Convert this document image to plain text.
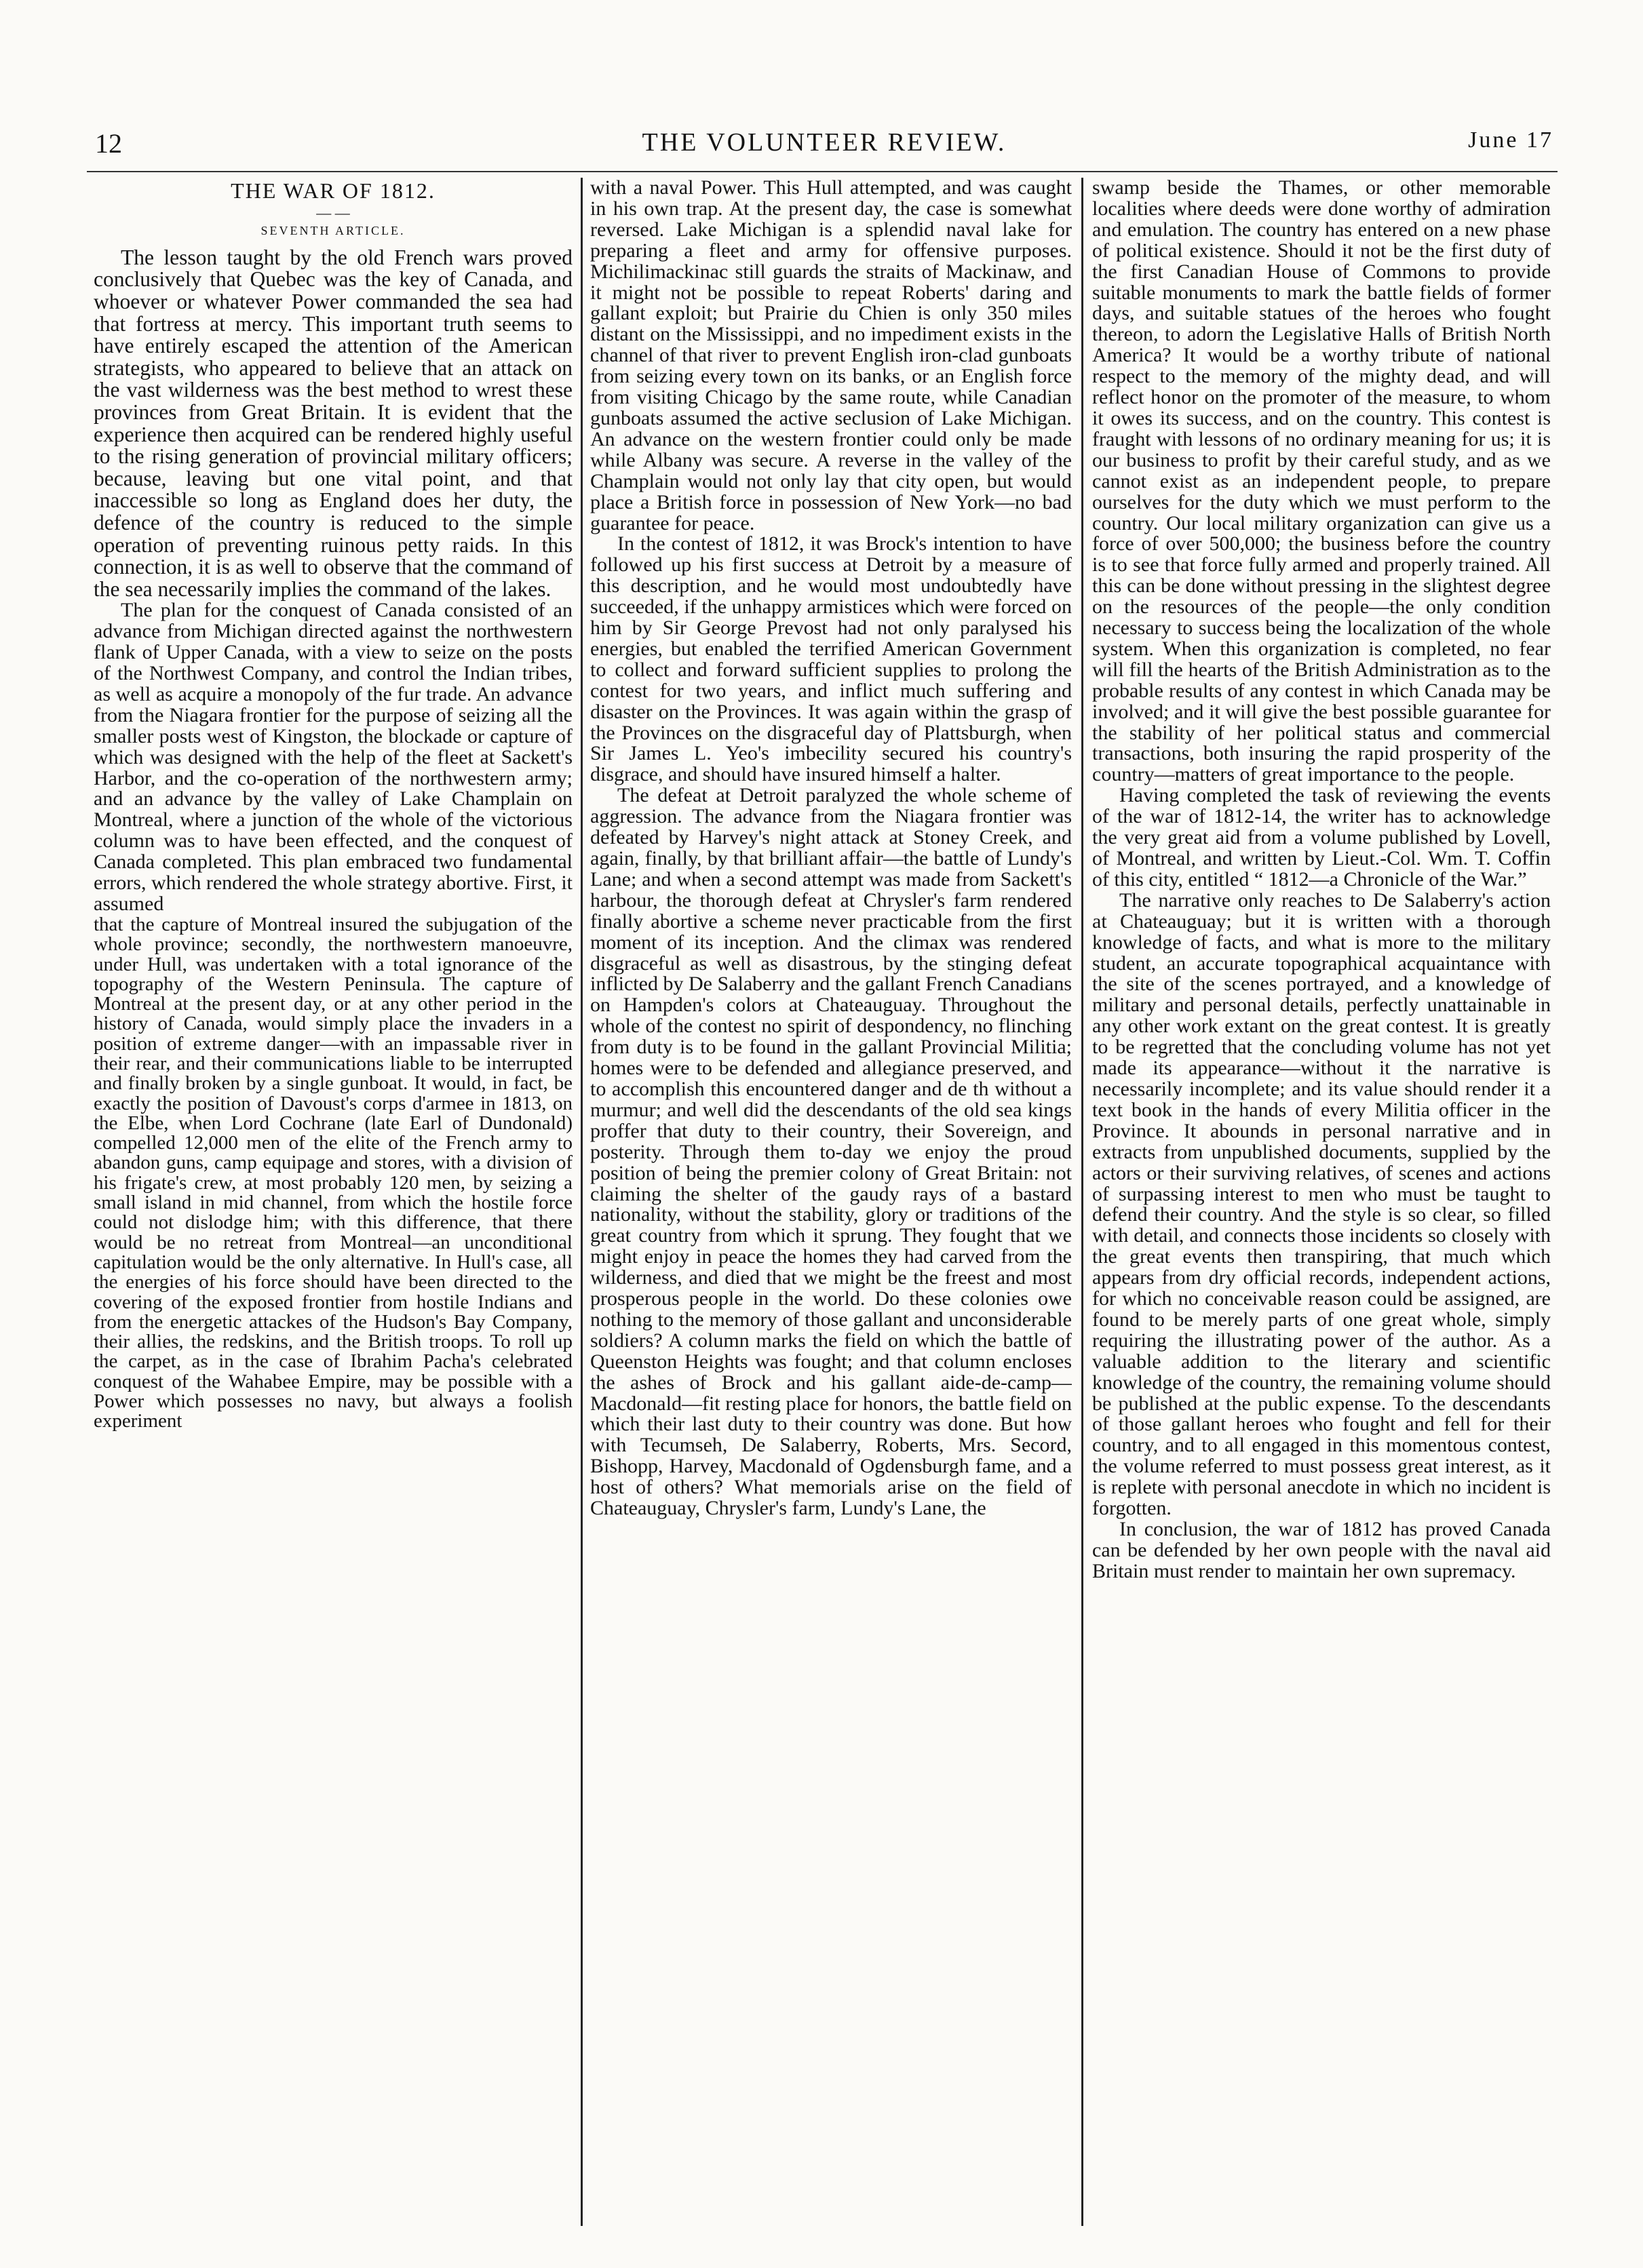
12	THE VOLUNTEER REVIEW.	June 17
THE WAR OF 1812.
— —
SEVENTH ARTICLE.

The lesson taught by the old French wars proved conclusively that Quebec was the key of Canada, and whoever or whatever Power commanded the sea had that fortress at mercy. This important truth seems to have entirely escaped the attention of the American strategists, who appeared to believe that an attack on the vast wilderness was the best method to wrest these provinces from Great Britain. It is evident that the experience then acquired can be rendered highly useful to the rising generation of provincial military officers; because, leaving but one vital point, and that inaccessible so long as England does her duty, the defence of the country is reduced to the simple operation of preventing ruinous petty raids. In this connection, it is as well to observe that the command of the sea necessarily implies the command of the lakes.

The plan for the conquest of Canada consisted of an advance from Michigan directed against the northwestern flank of Upper Canada, with a view to seize on the posts of the Northwest Company, and control the Indian tribes, as well as acquire a monopoly of the fur trade. An advance from the Niagara frontier for the purpose of seizing all the smaller posts west of Kingston, the blockade or capture of which was designed with the help of the fleet at Sackett's Harbor, and the co-operation of the northwestern army; and an advance by the valley of Lake Champlain on Montreal, where a junction of the whole of the victorious column was to have been effected, and the conquest of Canada completed. This plan embraced two fundamental errors, which rendered the whole strategy abortive. First, it assumed

that the capture of Montreal insured the subjugation of the whole province; secondly, the northwestern manoeuvre, under Hull, was undertaken with a total ignorance of the topography of the Western Peninsula. The capture of Montreal at the present day, or at any other period in the history of Canada, would simply place the invaders in a position of extreme danger—with an impassable river in their rear, and their communications liable to be interrupted and finally broken by a single gunboat. It would, in fact, be exactly the position of Davoust's corps d'armee in 1813, on the Elbe, when Lord Cochrane (late Earl of Dundonald) compelled 12,000 men of the elite of the French army to abandon guns, camp equipage and stores, with a division of his frigate's crew, at most probably 120 men, by seizing a small island in mid channel, from which the hostile force could not dislodge him; with this difference, that there would be no retreat from Montreal—an unconditional capitulation would be the only alternative. In Hull's case, all the energies of his force should have been directed to the covering of the exposed frontier from hostile Indians and from the energetic attackes of the Hudson's Bay Company, their allies, the redskins, and the British troops. To roll up the carpet, as in the case of Ibrahim Pacha's celebrated conquest of the Wahabee Empire, may be possible with a Power which possesses no navy, but always a foolish experiment

with a naval Power. This Hull attempted, and was caught in his own trap. At the present day, the case is somewhat reversed. Lake Michigan is a splendid naval lake for preparing a fleet and army for offensive purposes. Michilimackinac still guards the straits of Mackinaw, and it might not be possible to repeat Roberts' daring and gallant exploit; but Prairie du Chien is only 350 miles distant on the Mississippi, and no impediment exists in the channel of that river to prevent English iron-clad gunboats from seizing every town on its banks, or an English force from visiting Chicago by the same route, while Canadian gunboats assumed the active seclusion of Lake Michigan. An advance on the western frontier could only be made while Albany was secure. A reverse in the valley of the Champlain would not only lay that city open, but would place a British force in possession of New York—no bad guarantee for peace.

In the contest of 1812, it was Brock's intention to have followed up his first success at Detroit by a measure of this description, and he would most undoubtedly have succeeded, if the unhappy armistices which were forced on him by Sir George Prevost had not only paralysed his energies, but enabled the terrified American Government to collect and forward sufficient supplies to prolong the contest for two years, and inflict much suffering and disaster on the Provinces. It was again within the grasp of the Provinces on the disgraceful day of Plattsburgh, when Sir James L. Yeo's imbecility secured his country's disgrace, and should have insured himself a halter.

The defeat at Detroit paralyzed the whole scheme of aggression. The advance from the Niagara frontier was defeated by Harvey's night attack at Stoney Creek, and again, finally, by that brilliant affair—the battle of Lundy's Lane; and when a second attempt was made from Sackett's harbour, the thorough defeat at Chrysler's farm rendered finally abortive a scheme never practicable from the first moment of its inception. And the climax was rendered disgraceful as well as disastrous, by the stinging defeat inflicted by De Salaberry and the gallant French Canadians on Hampden's colors at Chateauguay. Throughout the whole of the contest no spirit of despondency, no flinching from duty is to be found in the gallant Provincial Militia; homes were to be defended and allegiance preserved, and to accomplish this encountered danger and de th without a murmur; and well did the descendants of the old sea kings proffer that duty to their country, their Sovereign, and posterity. Through them to-day we enjoy the proud position of being the premier colony of Great Britain: not claiming the shelter of the gaudy rays of a bastard nationality, without the stability, glory or traditions of the great country from which it sprung. They fought that we might enjoy in peace the homes they had carved from the wilderness, and died that we might be the freest and most prosperous people in the world. Do these colonies owe nothing to the memory of those gallant and unconsiderable soldiers? A column marks the field on which the battle of Queenston Heights was fought; and that column encloses the ashes of Brock and his gallant aide-de-camp—Macdonald—fit resting place for honors, the battle field on which their last duty to their country was done. But how with Tecumseh, De Salaberry, Roberts, Mrs. Secord, Bishopp, Harvey, Macdonald of Ogdensburgh fame, and a host of others? What memorials arise on the field of Chateauguay, Chrysler's farm, Lundy's Lane, the

swamp beside the Thames, or other memorable localities where deeds were done worthy of admiration and emulation. The country has entered on a new phase of political existence. Should it not be the first duty of the first Canadian House of Commons to provide suitable monuments to mark the battle fields of former days, and suitable statues of the heroes who fought thereon, to adorn the Legislative Halls of British North America? It would be a worthy tribute of national respect to the memory of the mighty dead, and will reflect honor on the promoter of the measure, to whom it owes its success, and on the country. This contest is fraught with lessons of no ordinary meaning for us; it is our business to profit by their careful study, and as we cannot exist as an independent people, to prepare ourselves for the duty which we must perform to the country. Our local military organization can give us a force of over 500,000; the business before the country is to see that force fully armed and properly trained. All this can be done without pressing in the slightest degree on the resources of the people—the only condition necessary to success being the localization of the whole system. When this organization is completed, no fear will fill the hearts of the British Administration as to the probable results of any contest in which Canada may be involved; and it will give the best possible guarantee for the stability of her political status and commercial transactions, both insuring the rapid prosperity of the country—matters of great importance to the people.

Having completed the task of reviewing the events of the war of 1812-14, the writer has to acknowledge the very great aid from a volume published by Lovell, of Montreal, and written by Lieut.-Col. Wm. T. Coffin of this city, entitled “ 1812—a Chronicle of the War.”

The narrative only reaches to De Salaberry's action at Chateauguay; but it is written with a thorough knowledge of facts, and what is more to the military student, an accurate topographical acquaintance with the site of the scenes portrayed, and a knowledge of military and personal details, perfectly unattainable in any other work extant on the great contest. It is greatly to be regretted that the concluding volume has not yet made its appearance—without it the narrative is necessarily incomplete; and its value should render it a text book in the hands of every Militia officer in the Province. It abounds in personal narrative and in extracts from unpublished documents, supplied by the actors or their surviving relatives, of scenes and actions of surpassing interest to men who must be taught to defend their country. And the style is so clear, so filled with detail, and connects those incidents so closely with the great events then transpiring, that much which appears from dry official records, independent actions, for which no conceivable reason could be assigned, are found to be merely parts of one great whole, simply requiring the illustrating power of the author. As a valuable addition to the literary and scientific knowledge of the country, the remaining volume should be published at the public expense. To the descendants of those gallant heroes who fought and fell for their country, and to all engaged in this momentous contest, the volume referred to must possess great interest, as it is replete with personal anecdote in which no incident is forgotten.

In conclusion, the war of 1812 has proved Canada can be defended by her own people with the naval aid Britain must render to maintain her own supremacy.
